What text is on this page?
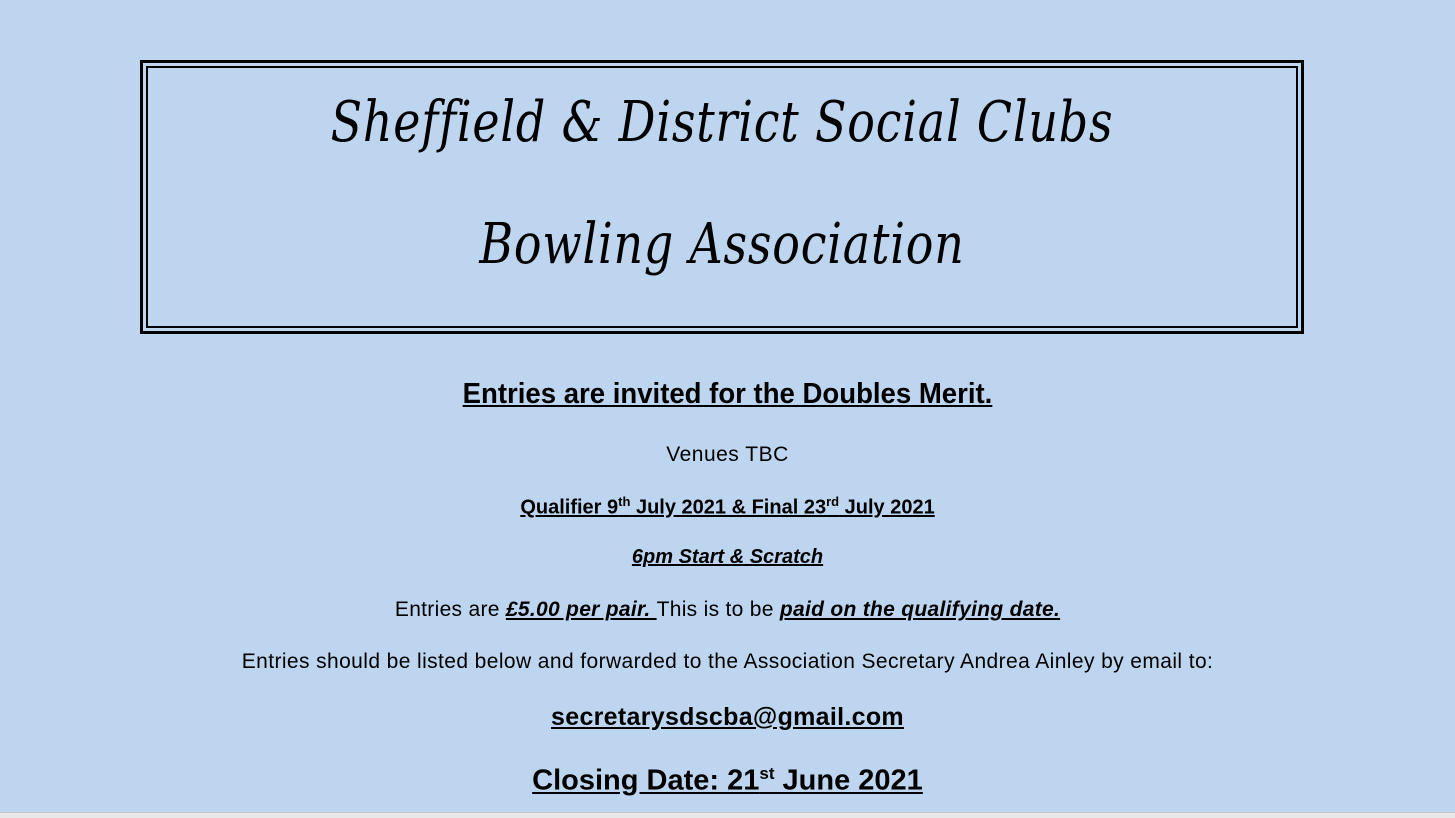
Sheffield & District Social Clubs
Bowling Association
Entries are invited for the Doubles Merit.
Venues TBC
Qualifier 9th July 2021 & Final 23rd July 2021
6pm Start & Scratch
Entries are £5.00 per pair. This is to be paid on the qualifying date.
Entries should be listed below and forwarded to the Association Secretary Andrea Ainley by email to:
secretarysdscba@gmail.com
Closing Date: 21st June 2021
